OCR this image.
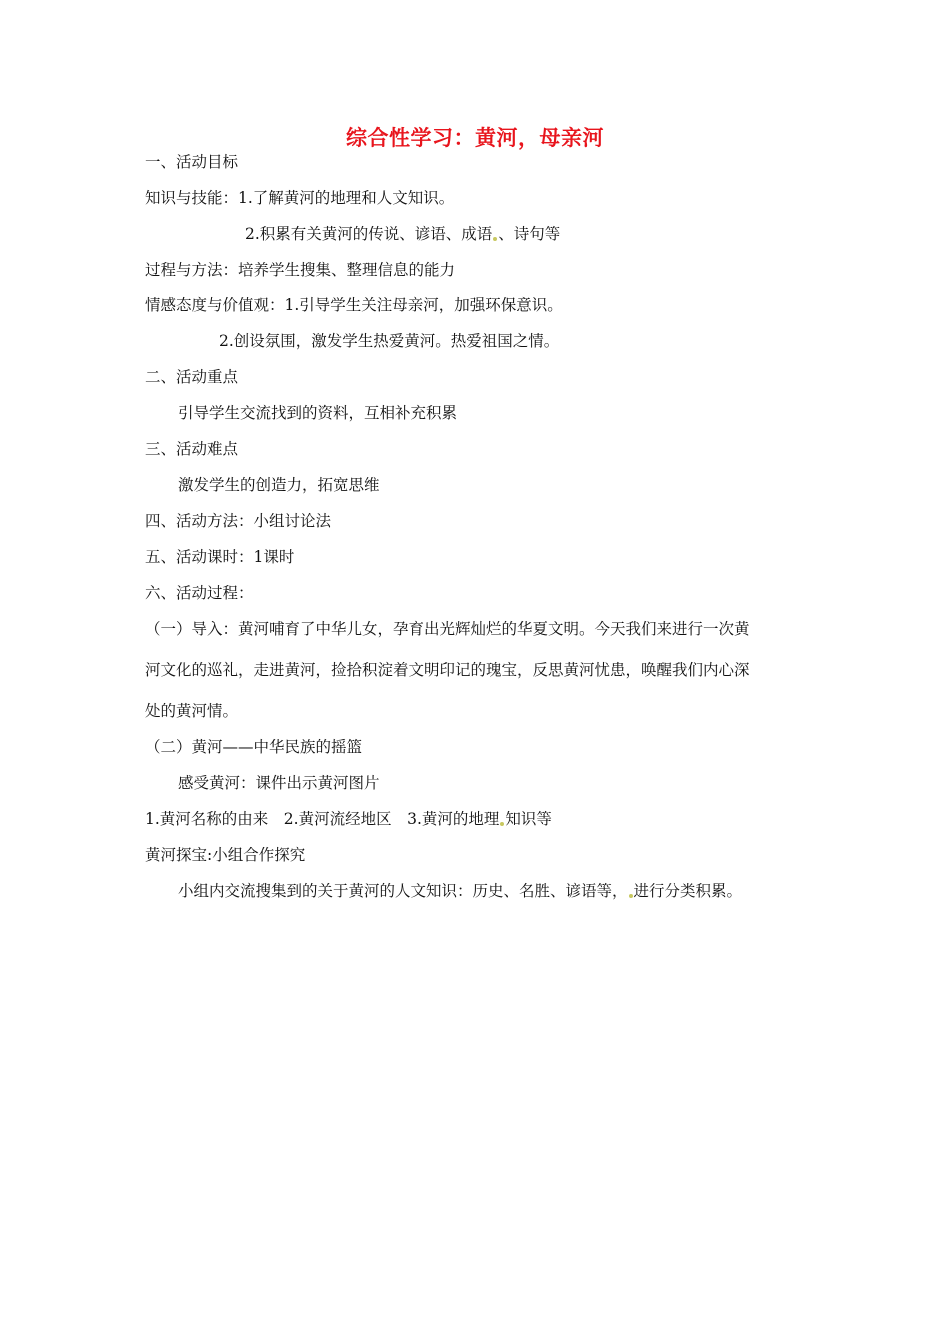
综合性学习：黄河，母亲河
一、活动目标
知识与技能：1.了解黄河的地理和人文知识。
2.积累有关黄河的传说、谚语、成语 、诗句等
过程与方法：培养学生搜集、整理信息的能力
情感态度与价值观：1.引导学生关注母亲河，加强环保意识。
2.创设氛围，激发学生热爱黄河。热爱祖国之情。
二、活动重点
引导学生交流找到的资料，互相补充积累
三、活动难点
激发学生的创造力，拓宽思维
四、活动方法：小组讨论法
五、活动课时：1课时
六、活动过程：
（一）导入：黄河哺育了中华儿女，孕育出光辉灿烂的华夏文明。今天我们来进行一次黄
河文化的巡礼，走进黄河，捡拾积淀着文明印记的瑰宝，反思黄河忧患，唤醒我们内心深
处的黄河情。
（二）黄河——中华民族的摇篮
感受黄河：课件出示黄河图片
1.黄河名称的由来　2.黄河流经地区　3.黄河的地理 知识等
黄河探宝:小组合作探究
小组内交流搜集到的关于黄河的人文知识：历史、名胜、谚语等， 进行分类积累。
